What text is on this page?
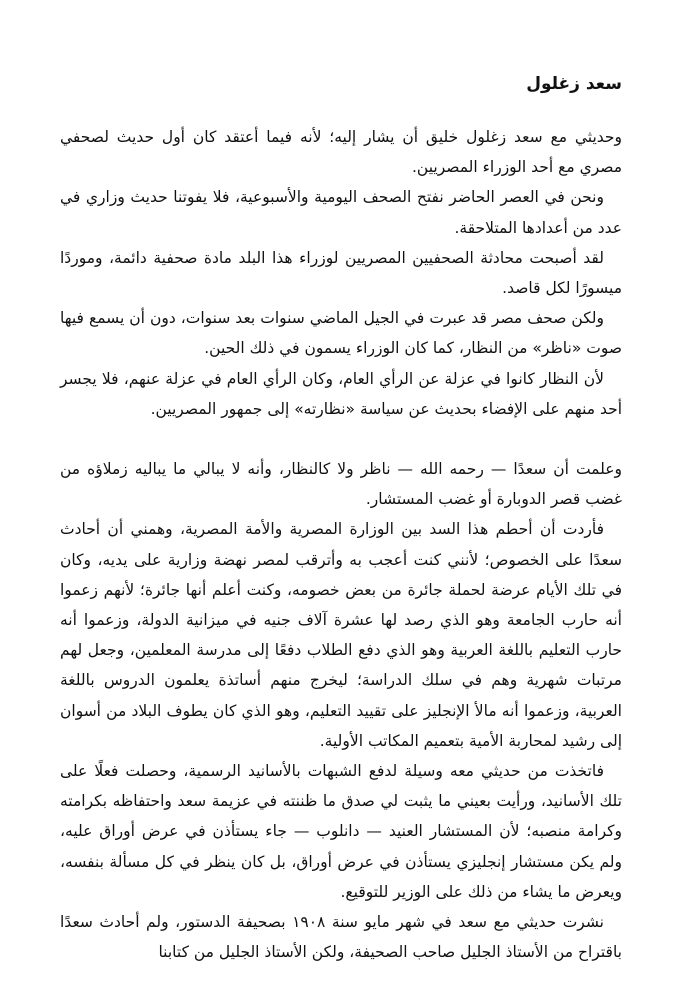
سعد زغلول

وحديثي مع سعد زغلول خليق أن يشار إليه؛ لأنه فيما أعتقد كان أول حديث لصحفي مصري مع أحد الوزراء المصريين.

ونحن في العصر الحاضر نفتح الصحف اليومية والأسبوعية، فلا يفوتنا حديث وزاري في عدد من أعدادها المتلاحقة.

لقد أصبحت محادثة الصحفيين المصريين لوزراء هذا البلد مادة صحفية دائمة، وموردًا ميسورًا لكل قاصد.

ولكن صحف مصر قد عبرت في الجيل الماضي سنوات بعد سنوات، دون أن يسمع فيها صوت «ناظر» من النظار، كما كان الوزراء يسمون في ذلك الحين.

لأن النظار كانوا في عزلة عن الرأي العام، وكان الرأي العام في عزلة عنهم، فلا يجسر أحد منهم على الإفضاء بحديث عن سياسة «نظارته» إلى جمهور المصريين.

وعلمت أن سعدًا — رحمه الله — ناظر ولا كالنظار، وأنه لا يبالي ما يباليه زملاؤه من غضب قصر الدوبارة أو غضب المستشار.

فأردت أن أحطم هذا السد بين الوزارة المصرية والأمة المصرية، وهمني أن أحادث سعدًا على الخصوص؛ لأنني كنت أعجب به وأترقب لمصر نهضة وزارية على يديه، وكان في تلك الأيام عرضة لحملة جائرة من بعض خصومه، وكنت أعلم أنها جائرة؛ لأنهم زعموا أنه حارب الجامعة وهو الذي رصد لها عشرة آلاف جنيه في ميزانية الدولة، وزعموا أنه حارب التعليم باللغة العربية وهو الذي دفع الطلاب دفعًا إلى مدرسة المعلمين، وجعل لهم مرتبات شهرية وهم في سلك الدراسة؛ ليخرج منهم أساتذة يعلمون الدروس باللغة العربية، وزعموا أنه مالأ الإنجليز على تقييد التعليم، وهو الذي كان يطوف البلاد من أسوان إلى رشيد لمحاربة الأمية بتعميم المكاتب الأولية.

فاتخذت من حديثي معه وسيلة لدفع الشبهات بالأسانيد الرسمية، وحصلت فعلًا على تلك الأسانيد، ورأيت بعيني ما يثبت لي صدق ما ظننته في عزيمة سعد واحتفاظه بكرامته وكرامة منصبه؛ لأن المستشار العنيد — دانلوب — جاء يستأذن في عرض أوراق عليه، ولم يكن مستشار إنجليزي يستأذن في عرض أوراق، بل كان ينظر في كل مسألة بنفسه، ويعرض ما يشاء من ذلك على الوزير للتوقيع.

نشرت حديثي مع سعد في شهر مايو سنة ١٩٠٨ بصحيفة الدستور، ولم أحادث سعدًا باقتراح من الأستاذ الجليل صاحب الصحيفة، ولكن الأستاذ الجليل من كتابنا
